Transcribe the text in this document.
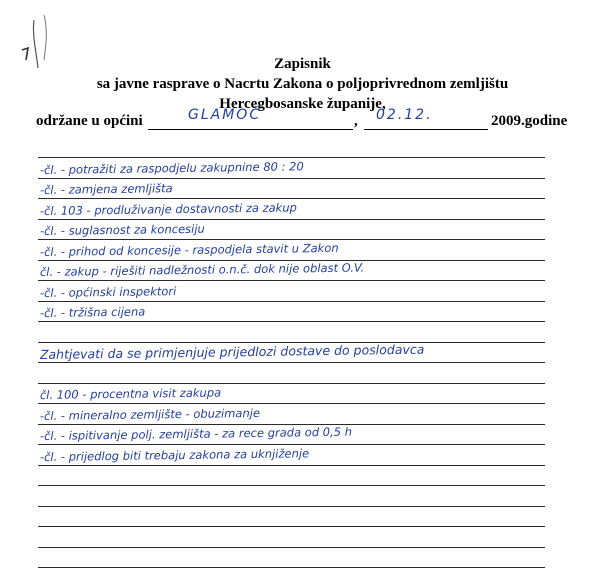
Zapisnik
sa javne rasprave o Nacrtu Zakona o poljoprivrednom zemljištu
Hercegbosanske županije,
održane u općini	GLAMOČ	, 02.12.	2009.godine
-čl. - potražiti za raspodjelu zakupnine 80 : 20
-čl. - zamjena zemljišta
-čl. 103 - prodluživanje dostavnosti za zakup
-čl. - suglasnost za koncesiju
-čl. - prihod od koncesije - raspodjela stavit u Zakon
čl. - zakup - riješiti nadležnosti o.n.č. dok nije oblast O.V.
-čl. - općinski inspektori
-čl. - tržišna cijena
Zahtjevati da se primjenjuje prijedlozi dostave do poslodavca
čl. 100 - procentna visit zakupa
-čl. - mineralno zemljište - obuzimanje
-čl. - ispitivanje polj. zemljišta - za rece grada od 0,5 h
-čl. - prijedlog biti trebaju zakona za uknjiženje
